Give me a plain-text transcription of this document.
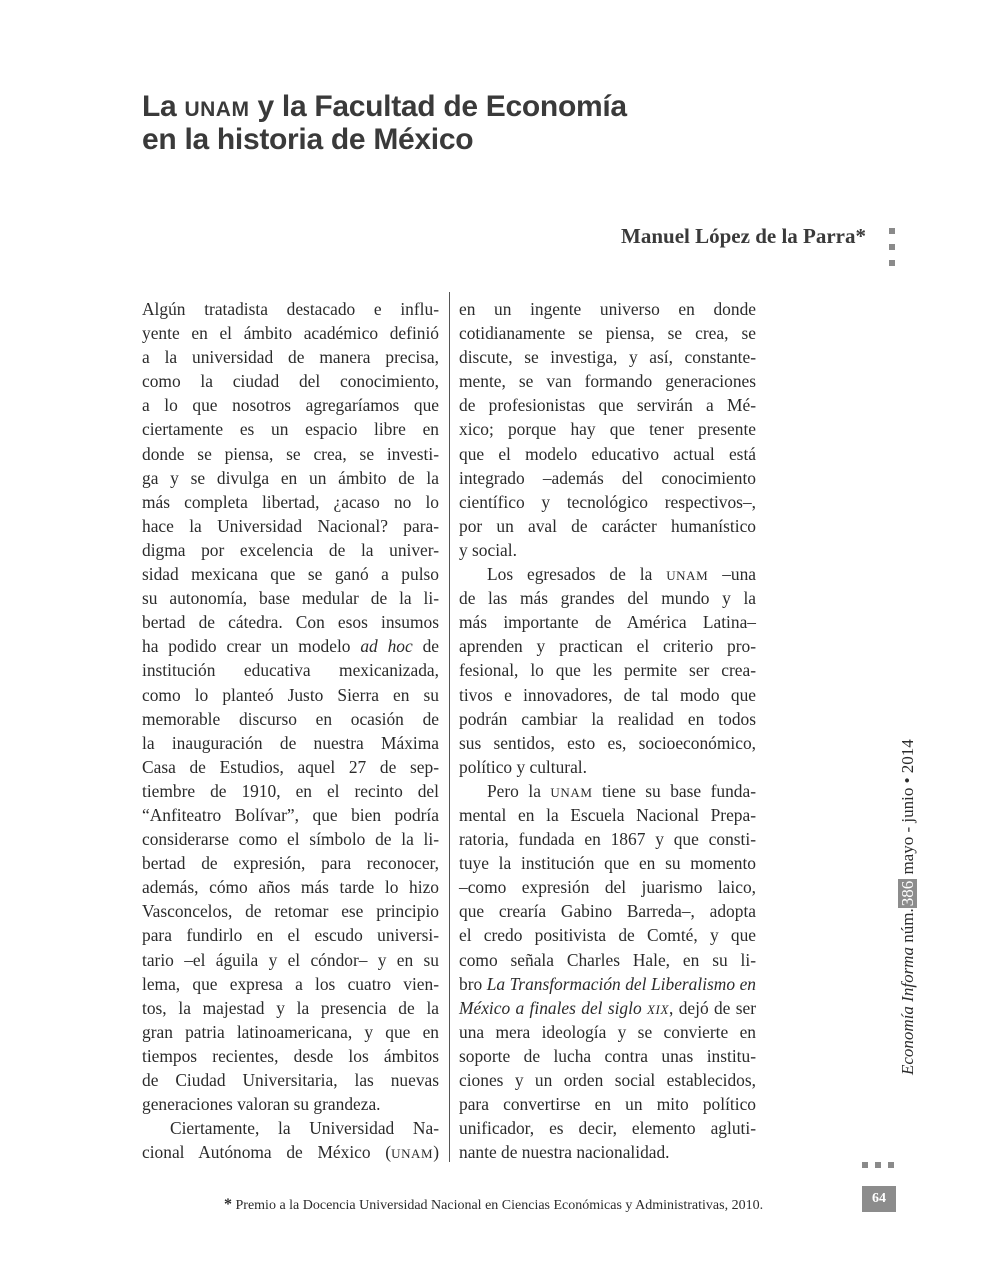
La UNAM y la Facultad de Economía
en la historia de México
Manuel López de la Parra*
Algún tratadista destacado e influ-
yente en el ámbito académico definió
a la universidad de manera precisa,
como la ciudad del conocimiento,
a lo que nosotros agregaríamos que
ciertamente es un espacio libre en
donde se piensa, se crea, se investi-
ga y se divulga en un ámbito de la
más completa libertad, ¿acaso no lo
hace la Universidad Nacional? para-
digma por excelencia de la univer-
sidad mexicana que se ganó a pulso
su autonomía, base medular de la li-
bertad de cátedra. Con esos insumos
ha podido crear un modelo ad hoc de
institución educativa mexicanizada,
como lo planteó Justo Sierra en su
memorable discurso en ocasión de
la inauguración de nuestra Máxima
Casa de Estudios, aquel 27 de sep-
tiembre de 1910, en el recinto del
“Anfiteatro Bolívar”, que bien podría
considerarse como el símbolo de la li-
bertad de expresión, para reconocer,
además, cómo años más tarde lo hizo
Vasconcelos, de retomar ese principio
para fundirlo en el escudo universi-
tario –el águila y el cóndor– y en su
lema, que expresa a los cuatro vien-
tos, la majestad y la presencia de la
gran patria latinoamericana, y que en
tiempos recientes, desde los ámbitos
de Ciudad Universitaria, las nuevas
generaciones valoran su grandeza.
Ciertamente, la Universidad Na-
cional Autónoma de México (UNAM)
en un ingente universo en donde
cotidianamente se piensa, se crea, se
discute, se investiga, y así, constante-
mente, se van formando generaciones
de profesionistas que servirán a Mé-
xico; porque hay que tener presente
que el modelo educativo actual está
integrado –además del conocimiento
científico y tecnológico respectivos–,
por un aval de carácter humanístico
y social.
Los egresados de la UNAM –una
de las más grandes del mundo y la
más importante de América Latina–
aprenden y practican el criterio pro-
fesional, lo que les permite ser crea-
tivos e innovadores, de tal modo que
podrán cambiar la realidad en todos
sus sentidos, esto es, socioeconómico,
político y cultural.
Pero la UNAM tiene su base funda-
mental en la Escuela Nacional Prepa-
ratoria, fundada en 1867 y que consti-
tuye la institución que en su momento
–como expresión del juarismo laico,
que crearía Gabino Barreda–, adopta
el credo positivista de Comté, y que
como señala Charles Hale, en su li-
bro La Transformación del Liberalismo en
México a finales del siglo XIX, dejó de ser
una mera ideología y se convierte en
soporte de lucha contra unas institu-
ciones y un orden social establecidos,
para convertirse en un mito político
unificador, es decir, elemento agluti-
nante de nuestra nacionalidad.
Economía Informa núm.386 mayo - junio • 2014
* Premio a la Docencia Universidad Nacional en Ciencias Económicas y Administrativas, 2010.	64
